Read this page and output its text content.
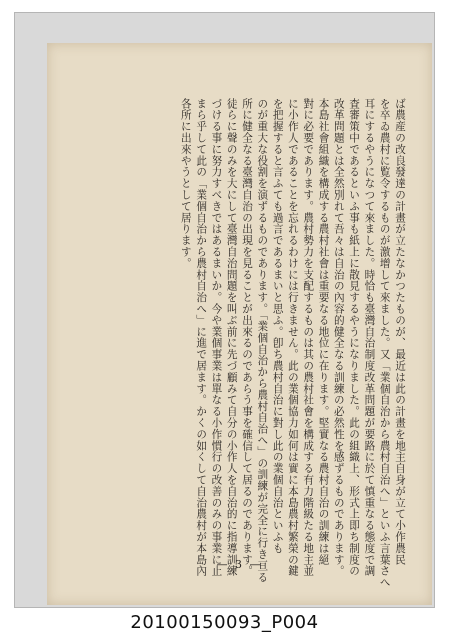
ば農産の改良發達の計畫が立たなかつたものが、最近は此の計畫を地主自身が立て小作農民
を卒ゐ農村に覧令するものが激增して來ました。又「業個自治から農村自治へ」といふ言葉さへ
耳にするやうになつて來ました。時恰も臺灣自治制度改革問題が要路に於て慎重なる態度で調
査審策中であるといふ事も紙上に散見するやうになりました。此の組織上、形式上即ち制度の
改革問題とは全然別れて吾々は自治の內容的健全なる訓練の必然性を感ずるものであります。
本島社會組織を構成する農村社會は重要なる地位に在ります。堅實なる農村自治の訓練は絕
對に必要であります。農村勢力を支配するものは其の農村社會を構成する有力階級たる地主並
に小作人であることを忘れるわけには行きません。此の業個協力如何は實に本島農村繁榮の鍵
を把握すると言ふても過言であるまいと思ふ。卽ち農村自治に對し此の業個自治といふも
のが重大な役割を演ずるものであります。「業個自治から農村自治へ」の訓練が完全に行き亘る
所に健全なる臺灣自治の出現を見ることが出來るのであらう事を確信して居るのであります。
徒らに聲のみを大にして臺灣自治問題を叫ぶ前に先づ顧みて自分の小作人を自治的に指導訓練
づける事に努力すべきではあるまいか。今や業個事業は單なる小作慣行の改善のみの事業に止
まら乎して此の「業個自治から農村自治へ」に進で居ます。かくの如くして自治農村が本島內
各所に出來やうとして居ります。
— 3 —
20100150093_P004
